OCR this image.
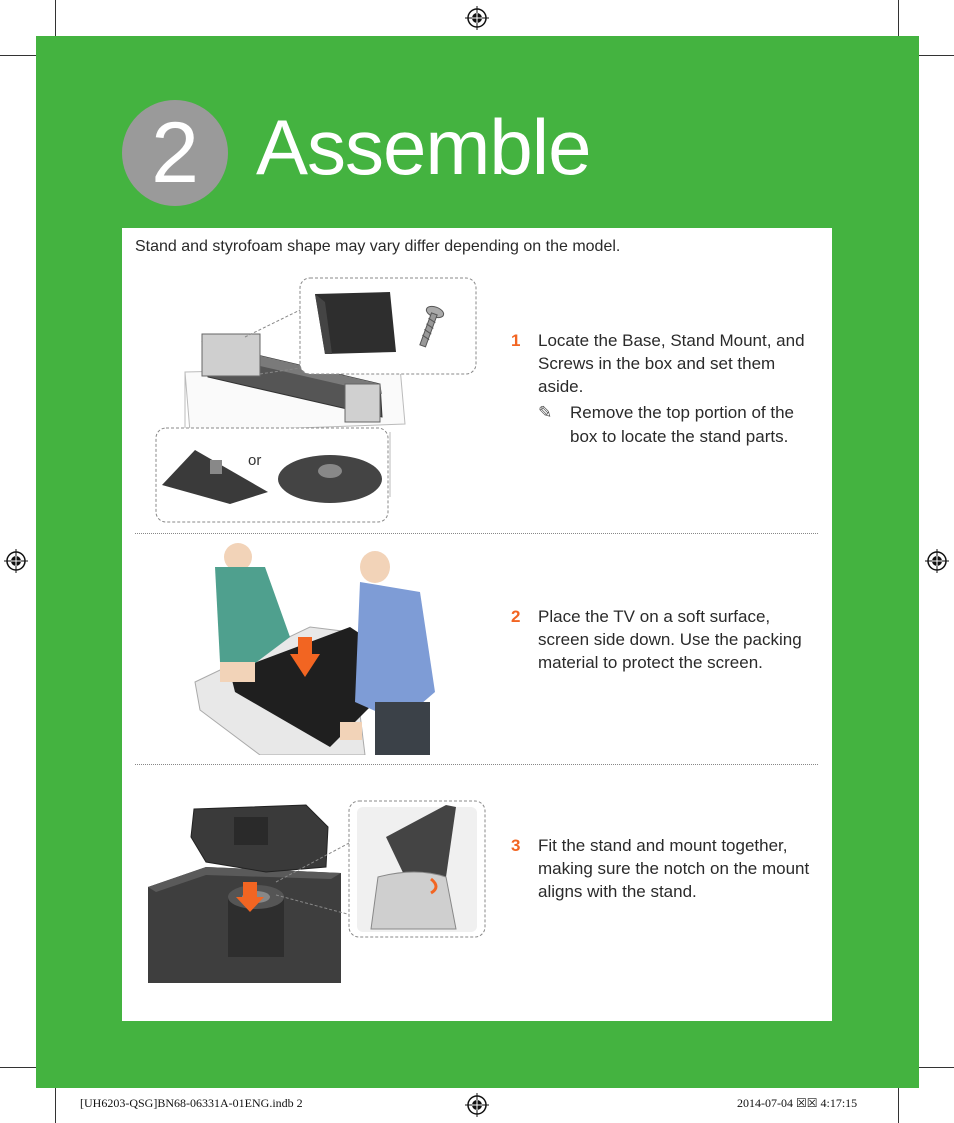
2 Assemble
Stand and styrofoam shape may vary differ depending on the model.
or
1 Locate the Base, Stand Mount, and Screws in the box and set them aside.
✎ Remove the top portion of the box to locate the stand parts.
2 Place the TV on a soft surface, screen side down. Use the packing material to protect the screen.
3 Fit the stand and mount together, making sure the notch on the mount aligns with the stand.
[UH6203-QSG]BN68-06331A-01ENG.indb 2	2014-07-04 ☒☒ 4:17:15
